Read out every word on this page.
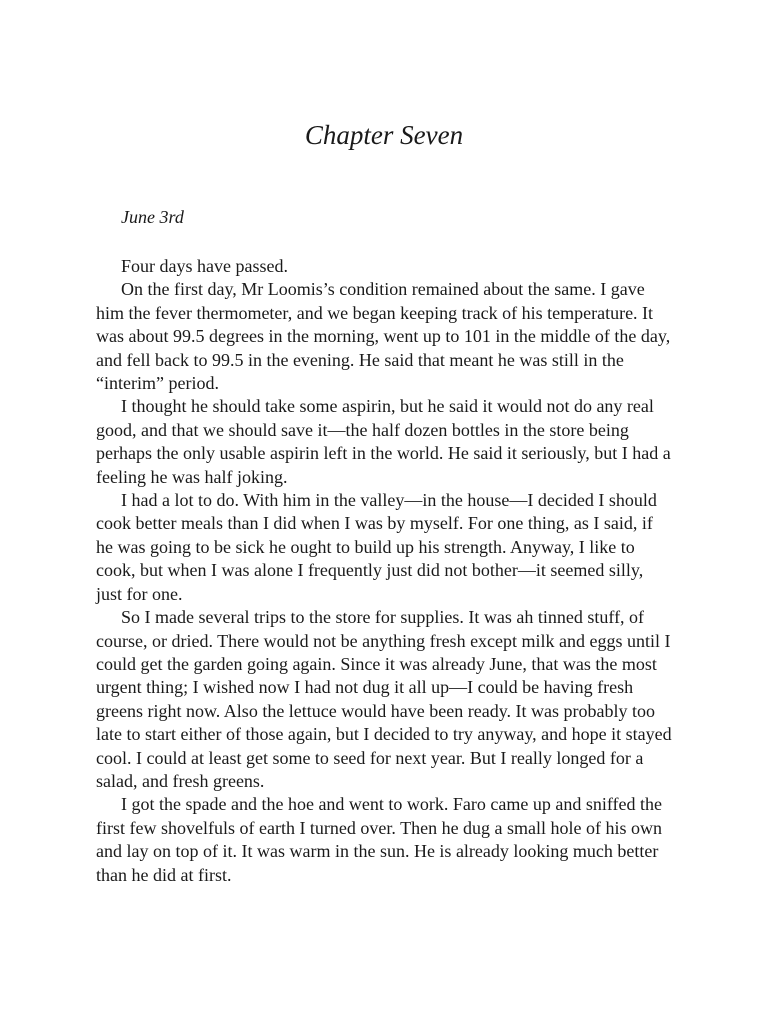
Chapter Seven

June 3rd

Four days have passed.

On the first day, Mr Loomis’s condition remained about the same. I gave him the fever thermometer, and we began keeping track of his temperature. It was about 99.5 degrees in the morning, went up to 101 in the middle of the day, and fell back to 99.5 in the evening. He said that meant he was still in the “interim” period.

I thought he should take some aspirin, but he said it would not do any real good, and that we should save it—the half dozen bottles in the store being perhaps the only usable aspirin left in the world. He said it seriously, but I had a feeling he was half joking.

I had a lot to do. With him in the valley—in the house—I decided I should cook better meals than I did when I was by myself. For one thing, as I said, if he was going to be sick he ought to build up his strength. Anyway, I like to cook, but when I was alone I frequently just did not bother—it seemed silly, just for one.

So I made several trips to the store for supplies. It was ah tinned stuff, of course, or dried. There would not be anything fresh except milk and eggs until I could get the garden going again. Since it was already June, that was the most urgent thing; I wished now I had not dug it all up—I could be having fresh greens right now. Also the lettuce would have been ready. It was probably too late to start either of those again, but I decided to try anyway, and hope it stayed cool. I could at least get some to seed for next year. But I really longed for a salad, and fresh greens.

I got the spade and the hoe and went to work. Faro came up and sniffed the first few shovelfuls of earth I turned over. Then he dug a small hole of his own and lay on top of it. It was warm in the sun. He is already looking much better than he did at first.
